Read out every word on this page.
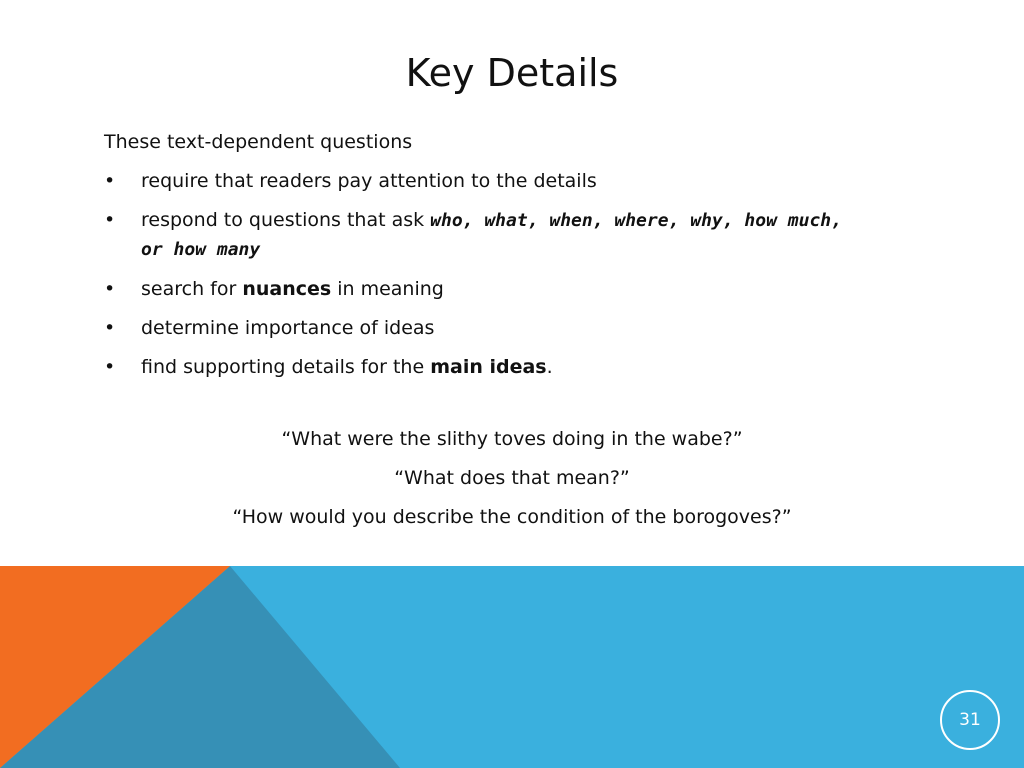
Key Details
These text-dependent questions
• require that readers pay attention to the details
• respond to questions that ask who, what, when, where, why, how much, or how many
• search for nuances in meaning
• determine importance of ideas
• find supporting details for the main ideas.
“What were the slithy toves doing in the wabe?”
“What does that mean?”
“How would you describe the condition of the borogoves?”
31
